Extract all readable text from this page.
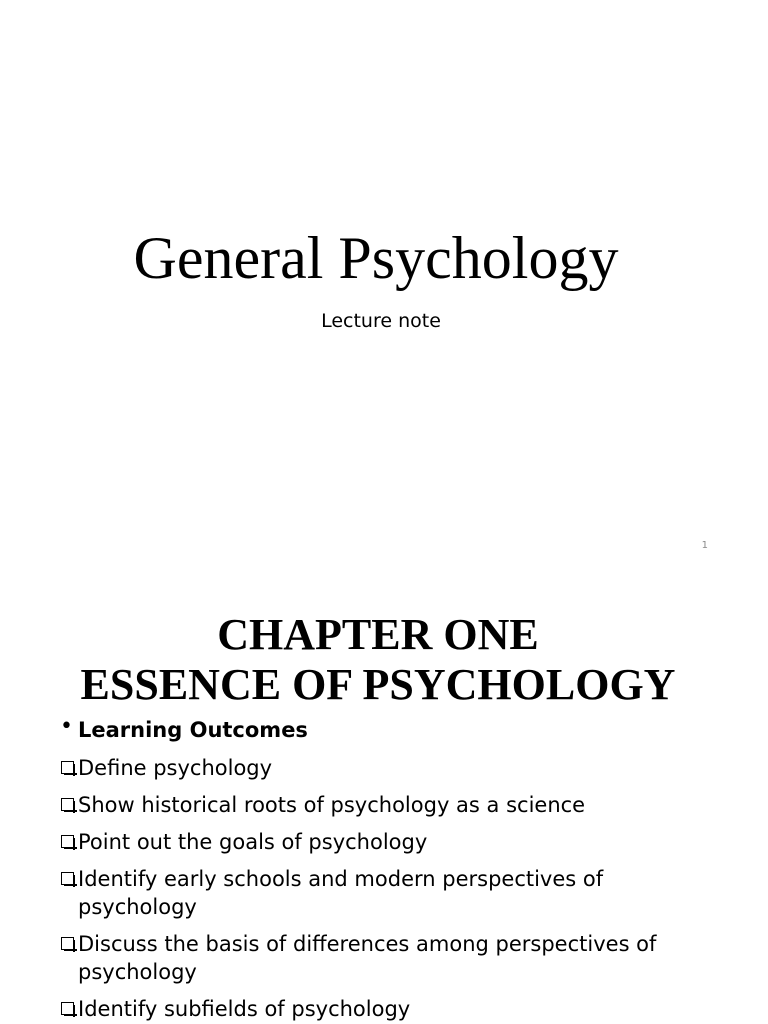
General Psychology

Lecture note

1
CHAPTER ONE
ESSENCE OF PSYCHOLOGY

• Learning Outcomes

Define psychology
Show historical roots of psychology as a science
Point out the goals of psychology
Identify early schools and modern perspectives of psychology
Discuss the basis of differences among perspectives of psychology
Identify subfields of psychology
